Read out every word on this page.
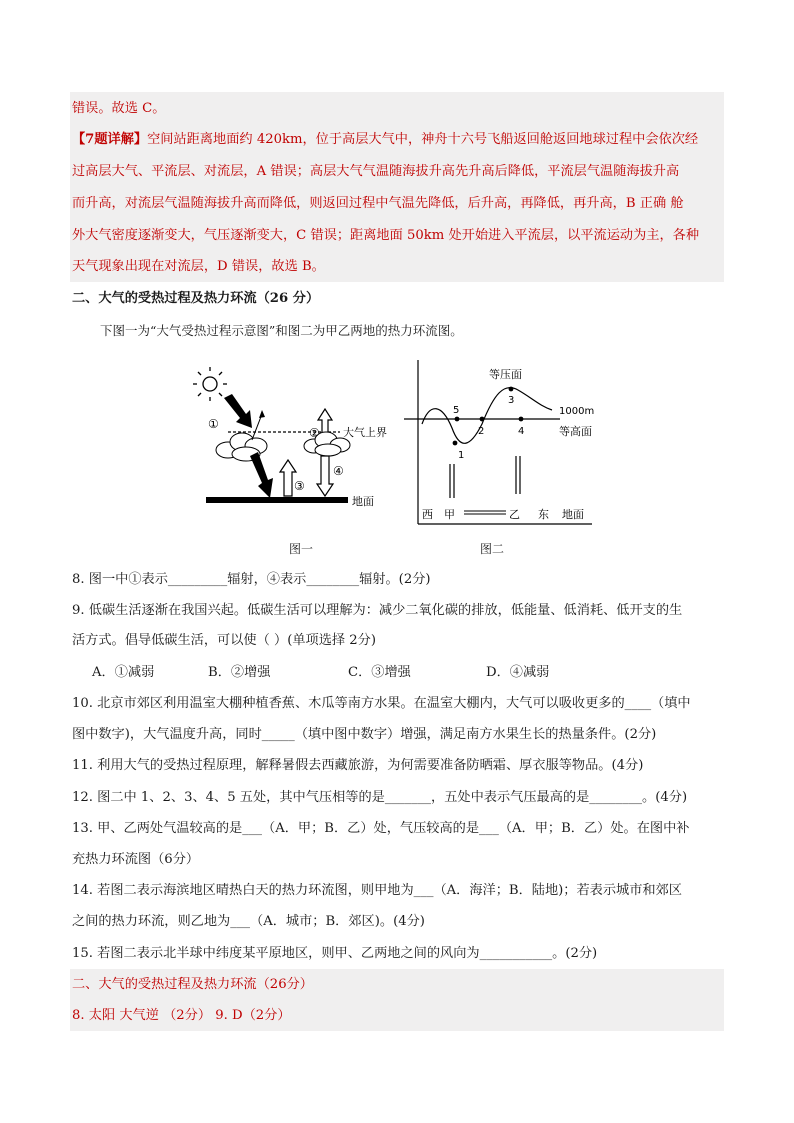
错误。故选 C。
【7题详解】空间站距离地面约 420km，位于高层大气中，神舟十六号飞船返回舱返回地球过程中会依次经
过高层大气、平流层、对流层，A 错误；高层大气气温随海拔升高先升高后降低，平流层气温随海拔升高
而升高，对流层气温随海拔升高而降低，则返回过程中气温先降低，后升高，再降低，再升高，B 正确 舱
外大气密度逐渐变大，气压逐渐变大，C 错误；距离地面 50km 处开始进入平流层，以平流运动为主，各种
天气现象出现在对流层，D 错误，故选 B。
二、大气的受热过程及热力环流（26 分）
下图一为“大气受热过程示意图”和图二为甲乙两地的热力环流图。
①
②
③
④
大气上界
地面
图一
等压面
1000m
等高面
5
1
2
3
4
西 甲	乙 东 地面
图二
8. 图一中①表示_________辐射，④表示________辐射。(2分)
9. 低碳生活逐渐在我国兴起。低碳生活可以理解为：减少二氧化碳的排放，低能量、低消耗、低开支的生
活方式。倡导低碳生活，可以使（ ）(单项选择 2分)
A．①减弱	B．②增强	C．③增强	D．④减弱
10. 北京市郊区利用温室大棚种植香蕉、木瓜等南方水果。在温室大棚内，大气可以吸收更多的____（填中
图中数字)，大气温度升高，同时_____（填中图中数字）增强，满足南方水果生长的热量条件。(2分)
11. 利用大气的受热过程原理，解释暑假去西藏旅游，为何需要准备防晒霜、厚衣服等物品。(4分)
12. 图二中 1、2、3、4、5 五处，其中气压相等的是_______，五处中表示气压最高的是________。(4分)
13. 甲、乙两处气温较高的是___（A．甲；B．乙）处，气压较高的是___（A．甲；B．乙）处。在图中补
充热力环流图（6分）
14. 若图二表示海滨地区晴热白天的热力环流图，则甲地为___（A．海洋；B．陆地)；若表示城市和郊区
之间的热力环流，则乙地为___（A．城市；B．郊区)。(4分)
15. 若图二表示北半球中纬度某平原地区，则甲、乙两地之间的风向为___________。(2分)
二、大气的受热过程及热力环流（26分）
8. 太阳 大气逆 （2分） 9. D（2分）
